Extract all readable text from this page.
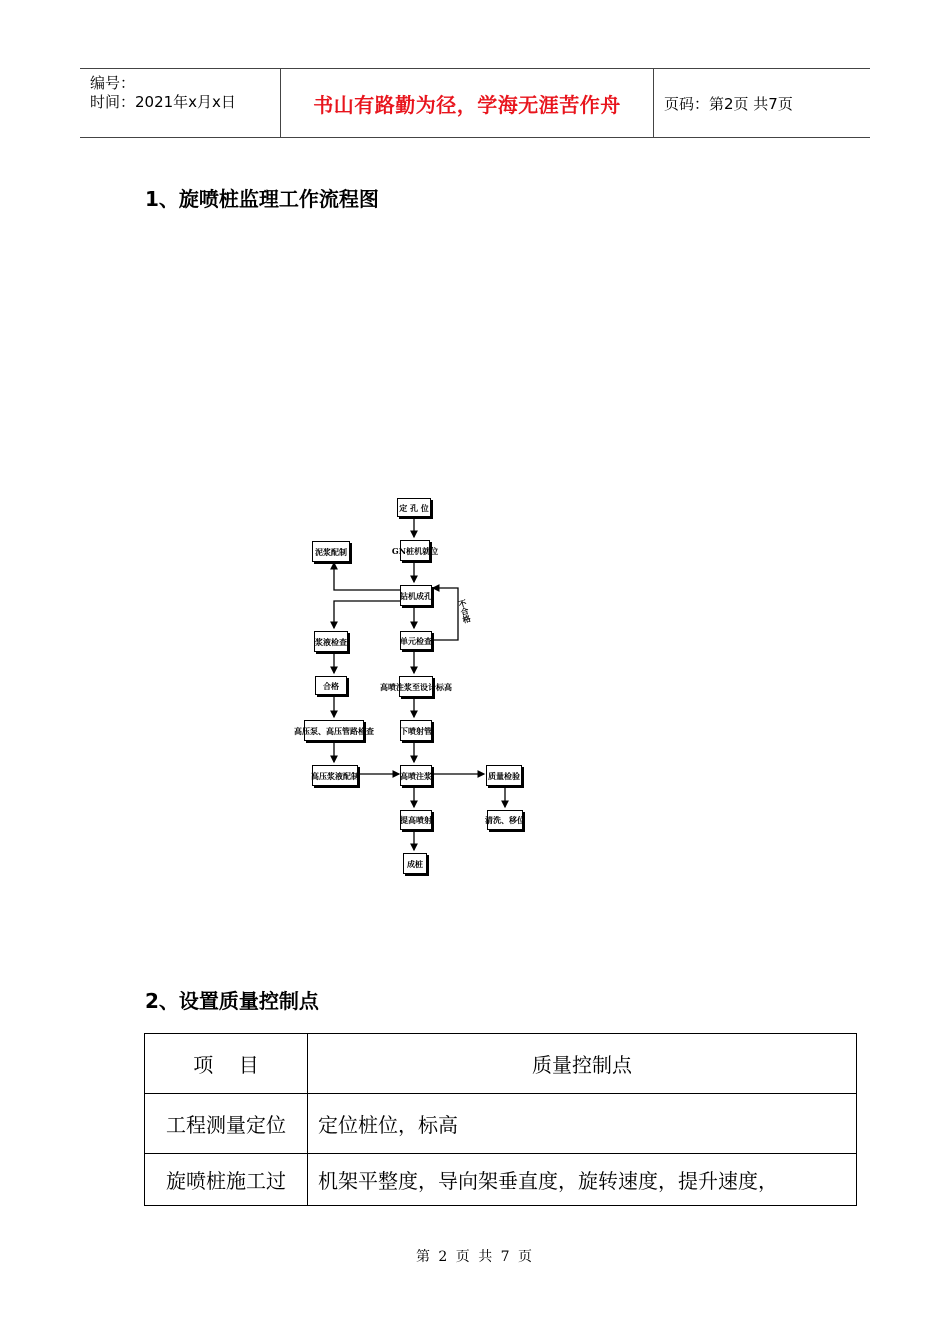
编号：
时间：2021年x月x日	书山有路勤为径，学海无涯苦作舟	页码：第2页 共7页
1、旋喷桩监理工作流程图
定 孔 位
GN桩机就位
钻机成孔
单元检查
高喷注浆至设计标高
下喷射管
高喷注浆
提高喷射
成桩
泥浆配制
浆液检查
合格
高压泵、高压管路检查
高压浆液配制	质量检验
清洗、移位
不合格
2、设置质量控制点
项    目	质量控制点
工程测量定位	定位桩位，标高
旋喷桩施工过	机架平整度，导向架垂直度，旋转速度，提升速度，
第 2 页 共 7 页
